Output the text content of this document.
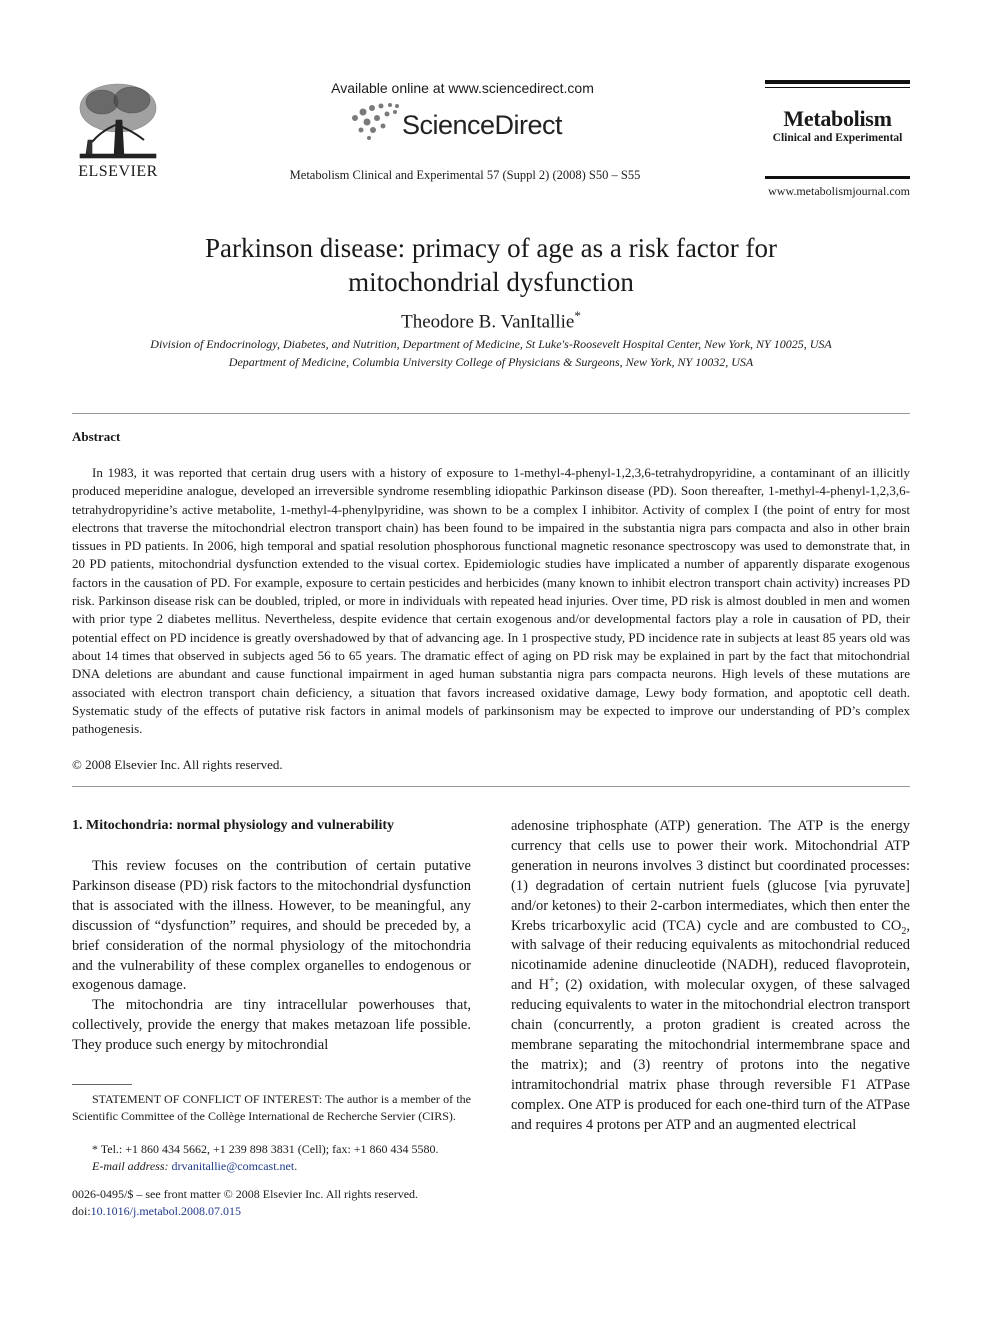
ELSEVIER
Available online at www.sciencedirect.com
ScienceDirect
Metabolism Clinical and Experimental 57 (Suppl 2) (2008) S50 – S55
Metabolism
Clinical and Experimental
www.metabolismjournal.com
Parkinson disease: primacy of age as a risk factor for
mitochondrial dysfunction
Theodore B. VanItallie*
Division of Endocrinology, Diabetes, and Nutrition, Department of Medicine, St Luke's-Roosevelt Hospital Center, New York, NY 10025, USA
Department of Medicine, Columbia University College of Physicians & Surgeons, New York, NY 10032, USA
Abstract
In 1983, it was reported that certain drug users with a history of exposure to 1-methyl-4-phenyl-1,2,3,6-tetrahydropyridine, a contaminant of an illicitly produced meperidine analogue, developed an irreversible syndrome resembling idiopathic Parkinson disease (PD). Soon thereafter, 1-methyl-4-phenyl-1,2,3,6-tetrahydropyridine’s active metabolite, 1-methyl-4-phenylpyridine, was shown to be a complex I inhibitor. Activity of complex I (the point of entry for most electrons that traverse the mitochondrial electron transport chain) has been found to be impaired in the substantia nigra pars compacta and also in other brain tissues in PD patients. In 2006, high temporal and spatial resolution phosphorous functional magnetic resonance spectroscopy was used to demonstrate that, in 20 PD patients, mitochondrial dysfunction extended to the visual cortex. Epidemiologic studies have implicated a number of apparently disparate exogenous factors in the causation of PD. For example, exposure to certain pesticides and herbicides (many known to inhibit electron transport chain activity) increases PD risk. Parkinson disease risk can be doubled, tripled, or more in individuals with repeated head injuries. Over time, PD risk is almost doubled in men and women with prior type 2 diabetes mellitus. Nevertheless, despite evidence that certain exogenous and/or developmental factors play a role in causation of PD, their potential effect on PD incidence is greatly overshadowed by that of advancing age. In 1 prospective study, PD incidence rate in subjects at least 85 years old was about 14 times that observed in subjects aged 56 to 65 years. The dramatic effect of aging on PD risk may be explained in part by the fact that mitochondrial DNA deletions are abundant and cause functional impairment in aged human substantia nigra pars compacta neurons. High levels of these mutations are associated with electron transport chain deficiency, a situation that favors increased oxidative damage, Lewy body formation, and apoptotic cell death. Systematic study of the effects of putative risk factors in animal models of parkinsonism may be expected to improve our understanding of PD’s complex pathogenesis.
© 2008 Elsevier Inc. All rights reserved.
1. Mitochondria: normal physiology and vulnerability
This review focuses on the contribution of certain putative Parkinson disease (PD) risk factors to the mitochondrial dysfunction that is associated with the illness. However, to be meaningful, any discussion of “dysfunction” requires, and should be preceded by, a brief consideration of the normal physiology of the mitochondria and the vulnerability of these complex organelles to endogenous or exogenous damage.
The mitochondria are tiny intracellular powerhouses that, collectively, provide the energy that makes metazoan life possible. They produce such energy by mitochrondial
adenosine triphosphate (ATP) generation. The ATP is the energy currency that cells use to power their work. Mitochondrial ATP generation in neurons involves 3 distinct but coordinated processes: (1) degradation of certain nutrient fuels (glucose [via pyruvate] and/or ketones) to their 2-carbon intermediates, which then enter the Krebs tricarboxylic acid (TCA) cycle and are combusted to $CO_2$, with salvage of their reducing equivalents as mitochondrial reduced nicotinamide adenine dinucleotide (NADH), reduced flavoprotein, and H+; (2) oxidation, with molecular oxygen, of these salvaged reducing equivalents to water in the mitochondrial electron transport chain (concurrently, a proton gradient is created across the membrane separating the mitochondrial intermembrane space and the matrix); and (3) reentry of protons into the negative intramitochondrial matrix phase through reversible F1 ATPase complex. One ATP is produced for each one-third turn of the ATPase and requires 4 protons per ATP and an augmented electrical
STATEMENT OF CONFLICT OF INTEREST: The author is a member of the Scientific Committee of the Collège International de Recherche Servier (CIRS).
* Tel.: +1 860 434 5662, +1 239 898 3831 (Cell); fax: +1 860 434 5580.
E-mail address: drvanitallie@comcast.net.
0026-0495/$ – see front matter © 2008 Elsevier Inc. All rights reserved.
doi:10.1016/j.metabol.2008.07.015
